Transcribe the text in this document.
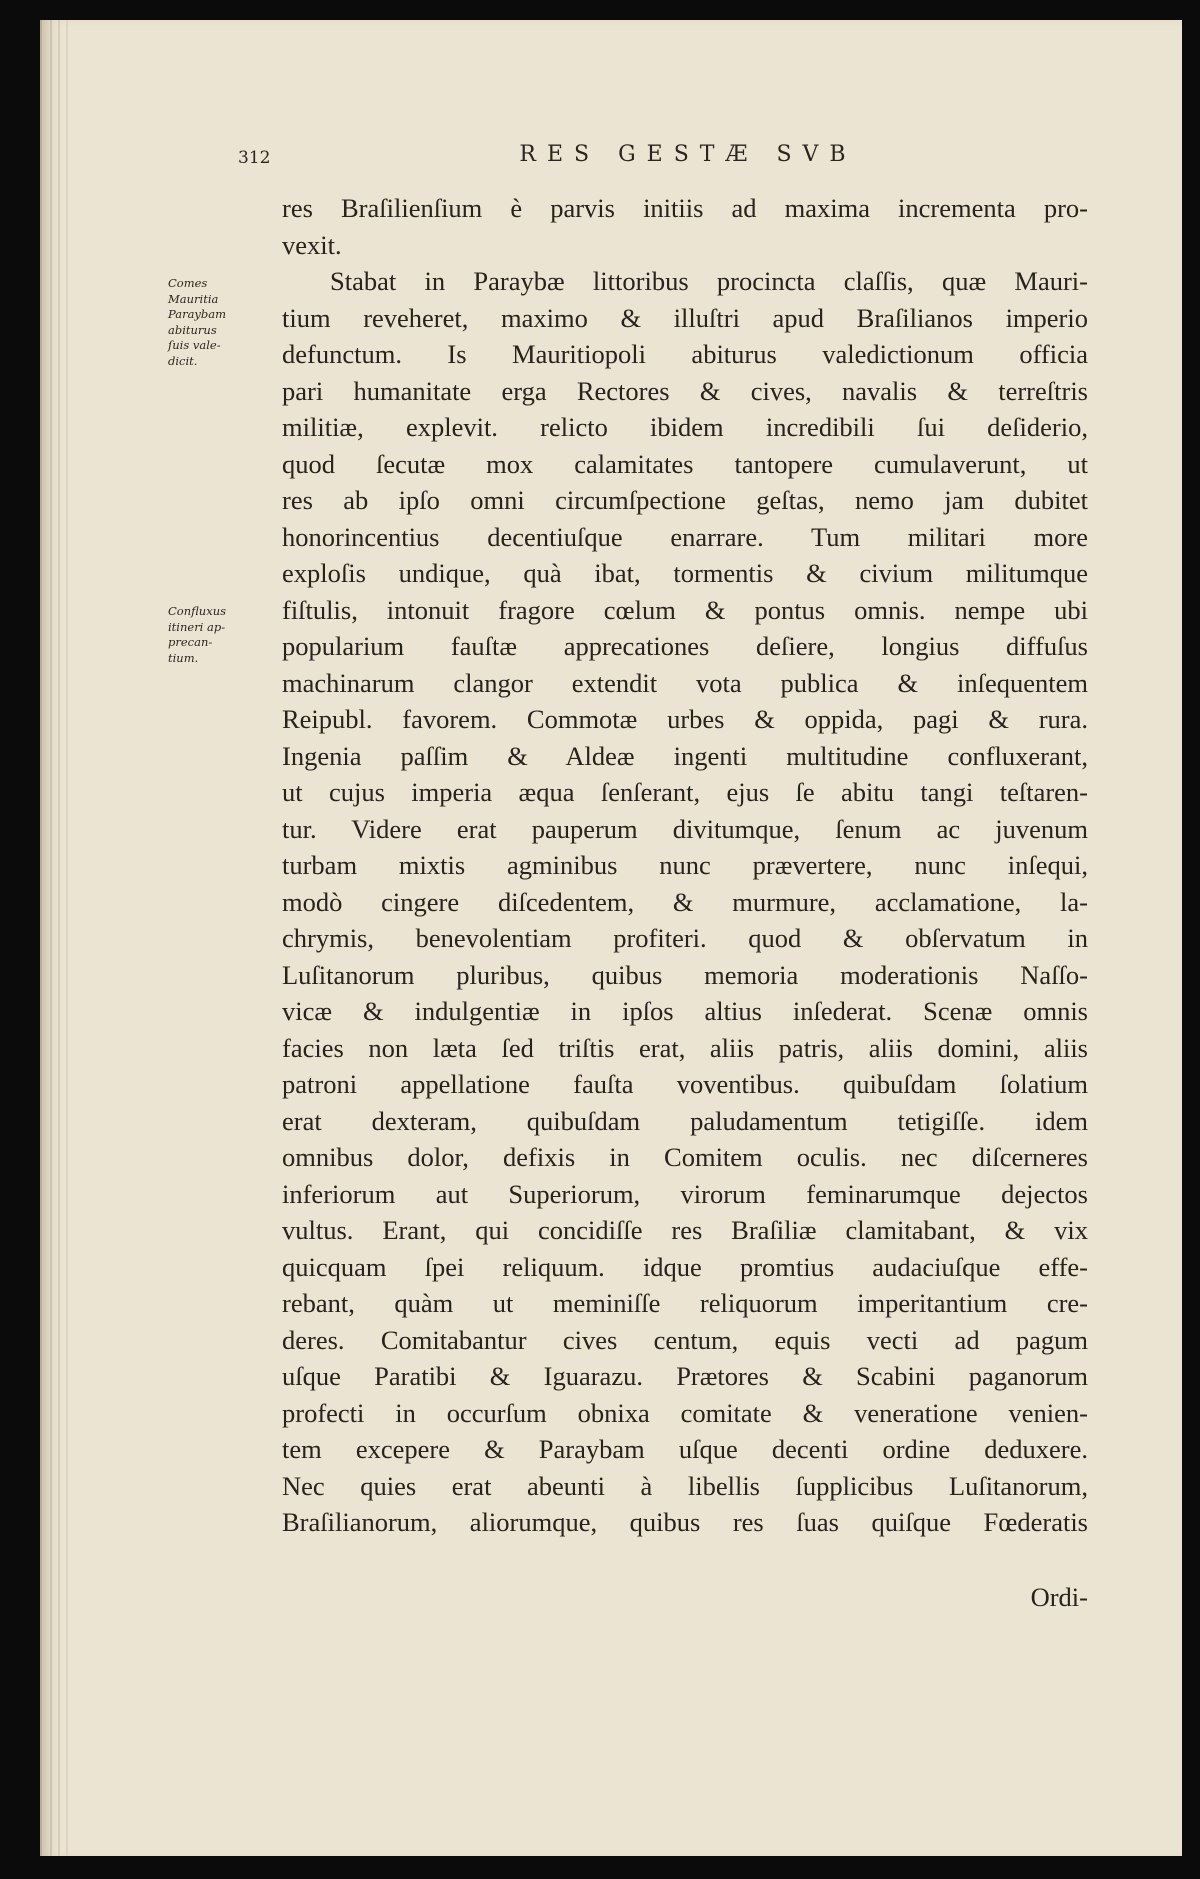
312	RES GESTÆ SVB
Comes
Mauritia
Paraybam
abiturus
ſuis vale-
dicit.
Confluxus
itineri ap-
precan-
tium.
res Braſilienſium è parvis initiis ad maxima incrementa pro-
vexit.
Stabat in Paraybæ littoribus procincta claſſis, quæ Mauri-
tium reveheret, maximo & illuſtri apud Braſilianos imperio
defunctum. Is Mauritiopoli abiturus valedictionum officia
pari humanitate erga Rectores & cives, navalis & terreſtris
militiæ, explevit. relicto ibidem incredibili ſui deſiderio,
quod ſecutæ mox calamitates tantopere cumulaverunt, ut
res ab ipſo omni circumſpectione geſtas, nemo jam dubitet
honorincentius decentiuſque enarrare. Tum militari more
exploſis undique, quà ibat, tormentis & civium militumque
fiſtulis, intonuit fragore cœlum & pontus omnis. nempe ubi
popularium fauſtæ apprecationes deſiere, longius diffuſus
machinarum clangor extendit vota publica & inſequentem
Reipubl. favorem. Commotæ urbes & oppida, pagi & rura.
Ingenia paſſim & Aldeæ ingenti multitudine confluxerant,
ut cujus imperia æqua ſenſerant, ejus ſe abitu tangi teſtaren-
tur. Videre erat pauperum divitumque, ſenum ac juvenum
turbam mixtis agminibus nunc prævertere, nunc inſequi,
modò cingere diſcedentem, & murmure, acclamatione, la-
chrymis, benevolentiam profiteri. quod & obſervatum in
Luſitanorum pluribus, quibus memoria moderationis Naſſo-
vicæ & indulgentiæ in ipſos altius inſederat. Scenæ omnis
facies non læta ſed triſtis erat, aliis patris, aliis domini, aliis
patroni appellatione fauſta voventibus. quibuſdam ſolatium
erat dexteram, quibuſdam paludamentum tetigiſſe. idem
omnibus dolor, defixis in Comitem oculis. nec diſcerneres
inferiorum aut Superiorum, virorum feminarumque dejectos
vultus. Erant, qui concidiſſe res Braſiliæ clamitabant, & vix
quicquam ſpei reliquum. idque promtius audaciuſque effe-
rebant, quàm ut meminiſſe reliquorum imperitantium cre-
deres. Comitabantur cives centum, equis vecti ad pagum
uſque Paratibi & Iguarazu. Prætores & Scabini paganorum
profecti in occurſum obnixa comitate & veneratione venien-
tem excepere & Paraybam uſque decenti ordine deduxere.
Nec quies erat abeunti à libellis ſupplicibus Luſitanorum,
Braſilianorum, aliorumque, quibus res ſuas quiſque Fœderatis
Ordi-
